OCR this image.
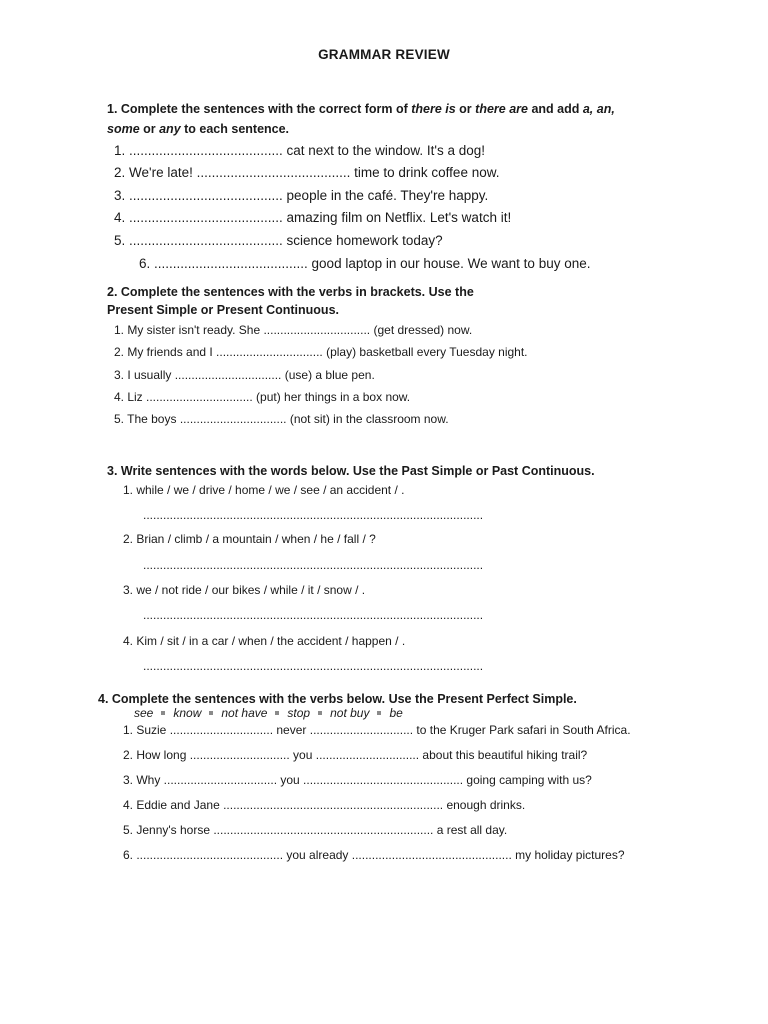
GRAMMAR REVIEW
1. Complete the sentences with the correct form of there is or there are and add a, an,
some or any to each sentence.
1. ......................................... cat next to the window. It's a dog!
2. We're late! ......................................... time to drink coffee now.
3. ......................................... people in the café. They're happy.
4. ......................................... amazing film on Netflix. Let's watch it!
5. ......................................... science homework today?
6. ......................................... good laptop in our house. We want to buy one.
2. Complete the sentences with the verbs in brackets. Use the
Present Simple or Present Continuous.
1. My sister isn't ready. She ................................ (get dressed) now.
2. My friends and I ................................ (play) basketball every Tuesday night.
3. I usually ................................ (use) a blue pen.
4. Liz ................................ (put) her things in a box now.
5. The boys ................................ (not sit) in the classroom now.
3. Write sentences with the words below. Use the Past Simple or Past Continuous.
1. while / we / drive / home / we / see / an accident / .
......................................................................................................
2. Brian / climb / a mountain / when / he / fall / ?
......................................................................................................
3. we / not ride / our bikes / while / it / snow / .
......................................................................................................
4. Kim / sit / in a car / when / the accident / happen / .
......................................................................................................
4. Complete the sentences with the verbs below. Use the Present Perfect Simple.
see know not have stop not buy be
1. Suzie ............................... never ............................... to the Kruger Park safari in South Africa.
2. How long .............................. you ............................... about this beautiful hiking trail?
3. Why .................................. you ................................................ going camping with us?
4. Eddie and Jane .................................................................. enough drinks.
5. Jenny's horse .................................................................. a rest all day.
6. ............................................ you already ................................................ my holiday pictures?
